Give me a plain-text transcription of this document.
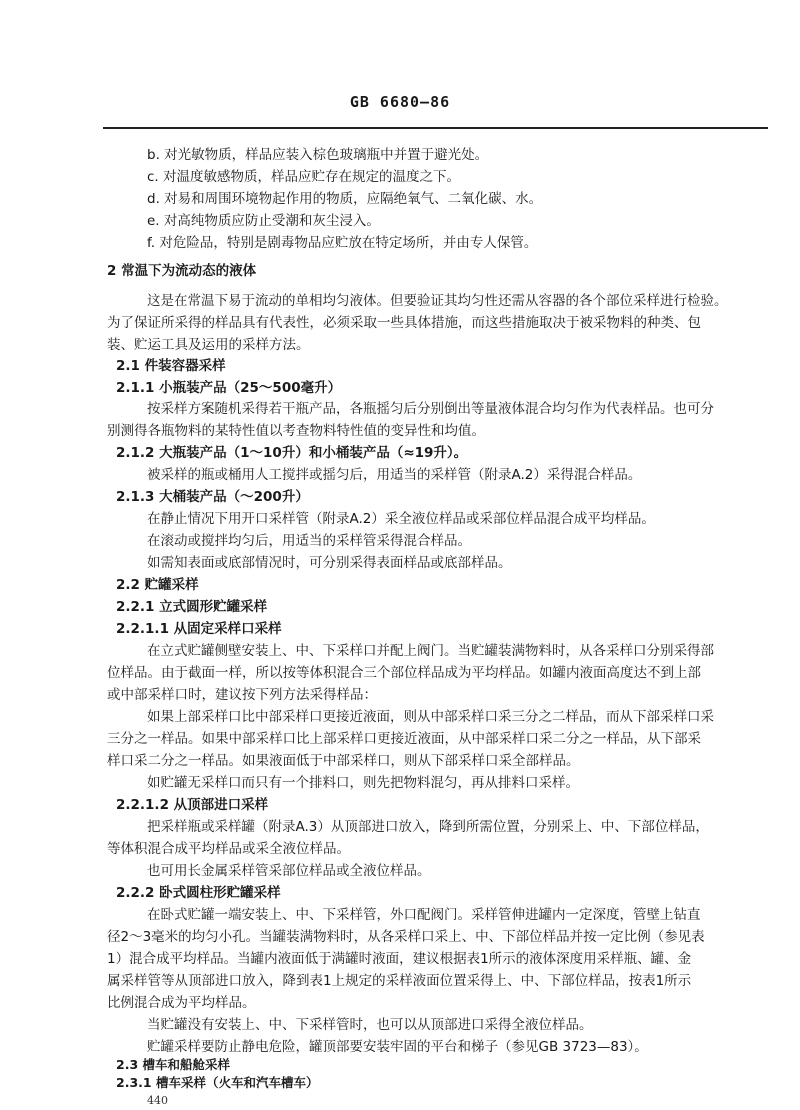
GB 6680—86
b. 对光敏物质，样品应装入棕色玻璃瓶中并置于避光处。
c. 对温度敏感物质，样品应贮存在规定的温度之下。
d. 对易和周围环境物起作用的物质，应隔绝氧气、二氧化碳、水。
e. 对高纯物质应防止受潮和灰尘浸入。
f. 对危险品，特别是剧毒物品应贮放在特定场所，并由专人保管。
2 常温下为流动态的液体
这是在常温下易于流动的单相均匀液体。但要验证其均匀性还需从容器的各个部位采样进行检验。
为了保证所采得的样品具有代表性，必须采取一些具体措施，而这些措施取决于被采物料的种类、包
装、贮运工具及运用的采样方法。
2.1 件装容器采样
2.1.1 小瓶装产品（25～500毫升）
按采样方案随机采得若干瓶产品，各瓶摇匀后分别倒出等量液体混合均匀作为代表样品。也可分
别测得各瓶物料的某特性值以考查物料特性值的变异性和均值。
2.1.2 大瓶装产品（1～10升）和小桶装产品（≈19升）。
被采样的瓶或桶用人工搅拌或摇匀后，用适当的采样管（附录A.2）采得混合样品。
2.1.3 大桶装产品（～200升）
在静止情况下用开口采样管（附录A.2）采全液位样品或采部位样品混合成平均样品。
在滚动或搅拌均匀后，用适当的采样管采得混合样品。
如需知表面或底部情况时，可分别采得表面样品或底部样品。
2.2 贮罐采样
2.2.1 立式圆形贮罐采样
2.2.1.1 从固定采样口采样
在立式贮罐侧壁安装上、中、下采样口并配上阀门。当贮罐装满物料时，从各采样口分别采得部
位样品。由于截面一样，所以按等体积混合三个部位样品成为平均样品。如罐内液面高度达不到上部
或中部采样口时，建议按下列方法采得样品：
如果上部采样口比中部采样口更接近液面，则从中部采样口采三分之二样品，而从下部采样口采
三分之一样品。如果中部采样口比上部采样口更接近液面，从中部采样口采二分之一样品，从下部采
样口采二分之一样品。如果液面低于中部采样口，则从下部采样口采全部样品。
如贮罐无采样口而只有一个排料口，则先把物料混匀，再从排料口采样。
2.2.1.2 从顶部进口采样
把采样瓶或采样罐（附录A.3）从顶部进口放入，降到所需位置，分别采上、中、下部位样品，
等体积混合成平均样品或采全液位样品。
也可用长金属采样管采部位样品或全液位样品。
2.2.2 卧式圆柱形贮罐采样
在卧式贮罐一端安装上、中、下采样管，外口配阀门。采样管伸进罐内一定深度，管壁上钻直
径2～3毫米的均匀小孔。当罐装满物料时，从各采样口采上、中、下部位样品并按一定比例（参见表
1）混合成平均样品。当罐内液面低于满罐时液面，建议根据表1所示的液体深度用采样瓶、罐、金
属采样管等从顶部进口放入，降到表1上规定的采样液面位置采得上、中、下部位样品，按表1所示
比例混合成为平均样品。
当贮罐没有安装上、中、下采样管时，也可以从顶部进口采得全液位样品。
贮罐采样要防止静电危险，罐顶部要安装牢固的平台和梯子（参见GB 3723—83）。
2.3 槽车和船舱采样
2.3.1 槽车采样（火车和汽车槽车）
440
